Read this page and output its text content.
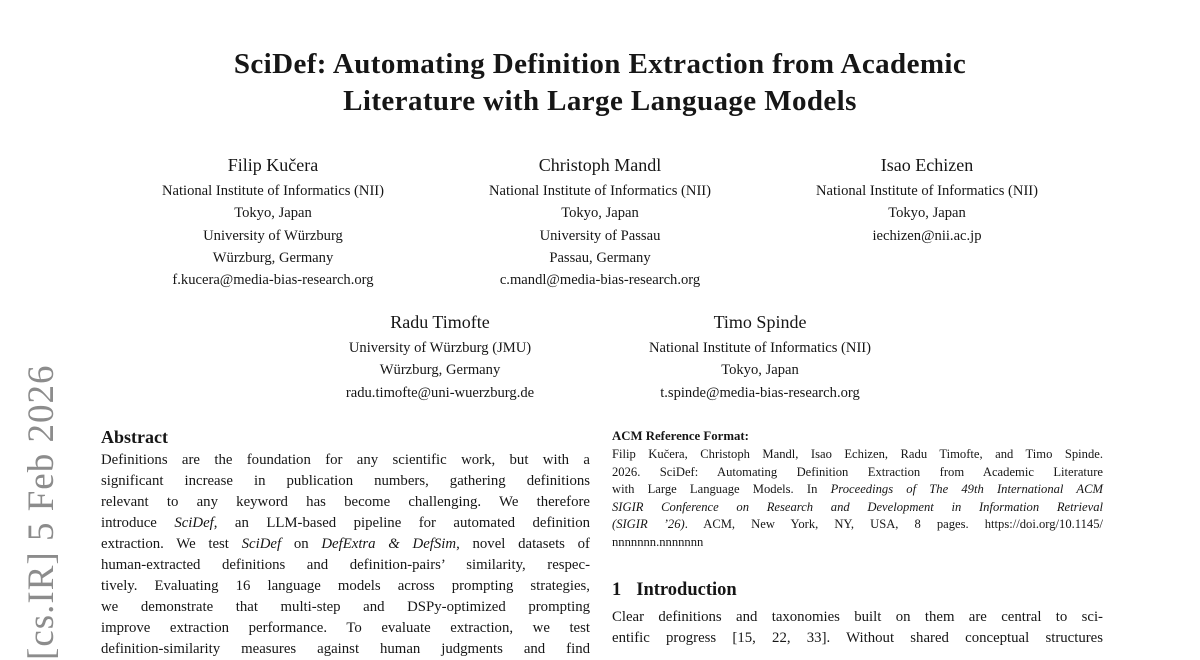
[cs.IR] 5 Feb 2026
SciDef: Automating Definition Extraction from Academic
Literature with Large Language Models
Filip Kučera
National Institute of Informatics (NII)
Tokyo, Japan
University of Würzburg
Würzburg, Germany
f.kucera@media-bias-research.org
Christoph Mandl
National Institute of Informatics (NII)
Tokyo, Japan
University of Passau
Passau, Germany
c.mandl@media-bias-research.org
Isao Echizen
National Institute of Informatics (NII)
Tokyo, Japan
iechizen@nii.ac.jp
Radu Timofte
University of Würzburg (JMU)
Würzburg, Germany
radu.timofte@uni-wuerzburg.de
Timo Spinde
National Institute of Informatics (NII)
Tokyo, Japan
t.spinde@media-bias-research.org
Abstract
Definitions are the foundation for any scientific work, but with a
significant increase in publication numbers, gathering definitions
relevant to any keyword has become challenging. We therefore
introduce SciDef, an LLM-based pipeline for automated definition
extraction. We test SciDef on DefExtra & DefSim, novel datasets of
human-extracted definitions and definition-pairs’ similarity, respec-
tively. Evaluating 16 language models across prompting strategies,
we demonstrate that multi-step and DSPy-optimized prompting
improve extraction performance. To evaluate extraction, we test
definition-similarity measures against human judgments and find
ACM Reference Format:
Filip Kučera, Christoph Mandl, Isao Echizen, Radu Timofte, and Timo Spinde.
2026. SciDef: Automating Definition Extraction from Academic Literature
with Large Language Models. In Proceedings of The 49th International ACM
SIGIR Conference on Research and Development in Information Retrieval
(SIGIR ’26). ACM, New York, NY, USA, 8 pages. https://doi.org/10.1145/
nnnnnnn.nnnnnnn
1 Introduction
Clear definitions and taxonomies built on them are central to sci-
entific progress [15, 22, 33]. Without shared conceptual structures
